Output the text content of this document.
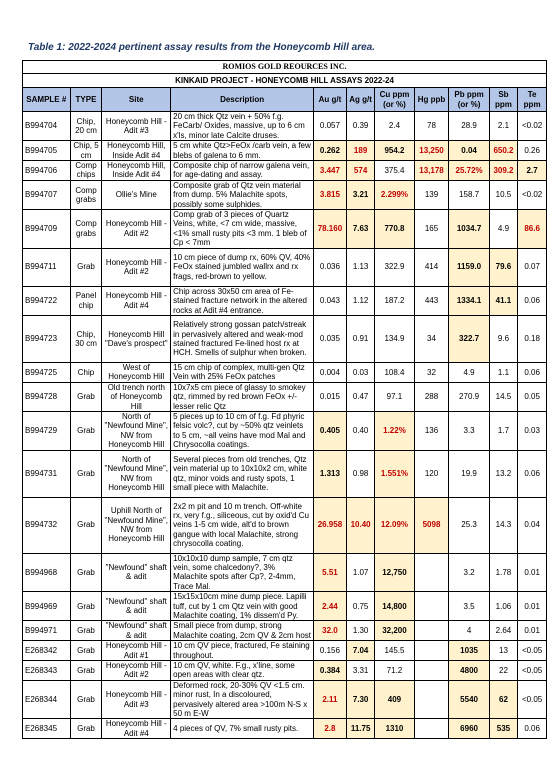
Table 1: 2022-2024 pertinent assay results from the Honeycomb Hill area.
ROMIOS GOLD REOURCES INC.										
KINKAID PROJECT - HONEYCOMB HILL ASSAYS 2022-24										
SAMPLE #	TYPE	Site	Description	Au g/t	Ag g/t	Cu ppm (or %)	Hg ppb	Pb ppm (or %)	Sb ppm	Te ppm
B994704	Chip, 20 cm	Honeycomb Hill - Adit #3	20 cm thick Qtz vein + 50% f.g. FeCarb/ Oxides, massive, up to 6 cm x'ls, minor late Calcite druses.	0.057	0.39	2.4	78	28.9	2.1	<0.02
B994705	Chip, 5 cm	Honeycomb Hill, Inside Adit #4	5 cm white Qtz>FeOx /carb vein, a few blebs of galena to 6 mm.	0.262	189	954.2	13,250	0.04	650.2	0.26
B994706	Comp chips	Honeycomb Hill, Inside Adit #4	Composite chip of narrow galena vein, for age-dating and assay.	3.447	574	375.4	13,178	25.72%	309.2	2.7
B994707	Comp grabs	Ollie's Mine	Composite grab of Qtz vein material from dump. 5% Malachite spots, possibly some sulphides.	3.815	3.21	2.299%	139	158.7	10.5	<0.02
B994709	Comp grabs	Honeycomb Hill - Adit #2	Comp grab of 3 pieces of Quartz Veins, white, <7 cm wide, massive, <1% small rusty pits <3 mm. 1 bleb of Cp < 7mm	78.160	7.63	770.8	165	1034.7	4.9	86.6
B994711	Grab	Honeycomb Hill - Adit #2	10 cm piece of dump rx, 60% QV, 40% FeOx stained jumbled wallrx and rx frags, red-brown to yellow.	0.036	1.13	322.9	414	1159.0	79.6	0.07
B994722	Panel chip	Honeycomb Hill - Adit #4	Chip across 30x50 cm area of Fe-stained fracture network in the altered rocks at Adit #4 entrance.	0.043	1.12	187.2	443	1334.1	41.1	0.06
B994723	Chip, 30 cm	Honeycomb Hill "Dave's prospect"	Relatively strong gossan patch/streak in pervasively altered and weak-mod stained fractured Fe-lined host rx at HCH. Smells of sulphur when broken.	0.035	0.91	134.9	34	322.7	9.6	0.18
B994725	Chip	West of Honeycomb Hill	15 cm chip of complex, multi-gen Qtz Vein with 25% FeOx patches	0.004	0.03	108.4	32	4.9	1.1	0.06
B994728	Grab	Old trench north of Honeycomb Hill	10x7x5 cm piece of glassy to smokey qtz, rimmed by red brown FeOx +/- lesser relic Qtz	0.015	0.47	97.1	288	270.9	14.5	0.05
B994729	Grab	North of "Newfound Mine", NW from Honeycomb Hill	5 pieces up to 10 cm of f.g. Fd phyric felsic volc?, cut by ~50% qtz veinlets to 5 cm, ~all veins have mod Mal and Chrysocolla coatings.	0.405	0.40	1.22%	136	3.3	1.7	0.03
B994731	Grab	North of "Newfound Mine", NW from Honeycomb Hill	Several pieces from old trenches, Qtz vein material up to 10x10x2 cm, white qtz, minor voids and rusty spots, 1 small piece with Malachite.	1.313	0.98	1.551%	120	19.9	13.2	0.06
B994732	Grab	Uphill North of "Newfound Mine", NW from Honeycomb Hill	2x2 m pit and 10 m trench. Off-white rx, very f.g., siliceous, cut by oxid'd Cu veins 1-5 cm wide, alt'd to brown gangue with local Malachite, strong chrysocolla coating.	26.958	10.40	12.09%	5098	25.3	14.3	0.04
B994968	Grab	"Newfound" shaft & adit	10x10x10 dump sample, 7 cm qtz vein, some chalcedony?, 3% Malachite spots after Cp?, 2-4mm, Trace Mal.	5.51	1.07	12,750		3.2	1.78	0.01
B994969	Grab	"Newfound" shaft & adit	15x15x10cm mine dump piece. Lapilli tuff, cut by 1 cm Qtz vein with good Malachite coating, 1% dissem'd Py.	2.44	0.75	14,800		3.5	1.06	0.01
B994971	Grab	"Newfound" shaft & adit	Small piece from dump, strong Malachite coating, 2cm QV & 2cm host	32.0	1.30	32,200		4	2.64	0.01
E268342	Grab	Honeycomb Hill - Adit #1	10 cm QV piece, fractured, Fe staining throughout.	0.156	7.04	145.5		1035	13	<0.05
E268343	Grab	Honeycomb Hill - Adit #2	10 cm QV, white. F.g., x'line, some open areas with clear qtz.	0.384	3.31	71.2		4800	22	<0.05
E268344	Grab	Honeycomb Hill - Adit #3	Deformed rock, 20-30% QV <1.5 cm. minor rust, In a discoloured, pervasively altered area >100m N-S x 50 m E-W	2.11	7.30	409		5540	62	<0.05
E268345	Grab	Honeycomb Hill - Adit #4	4 pieces of QV, 7% small rusty pits.	2.8	11.75	1310		6960	535	0.06
